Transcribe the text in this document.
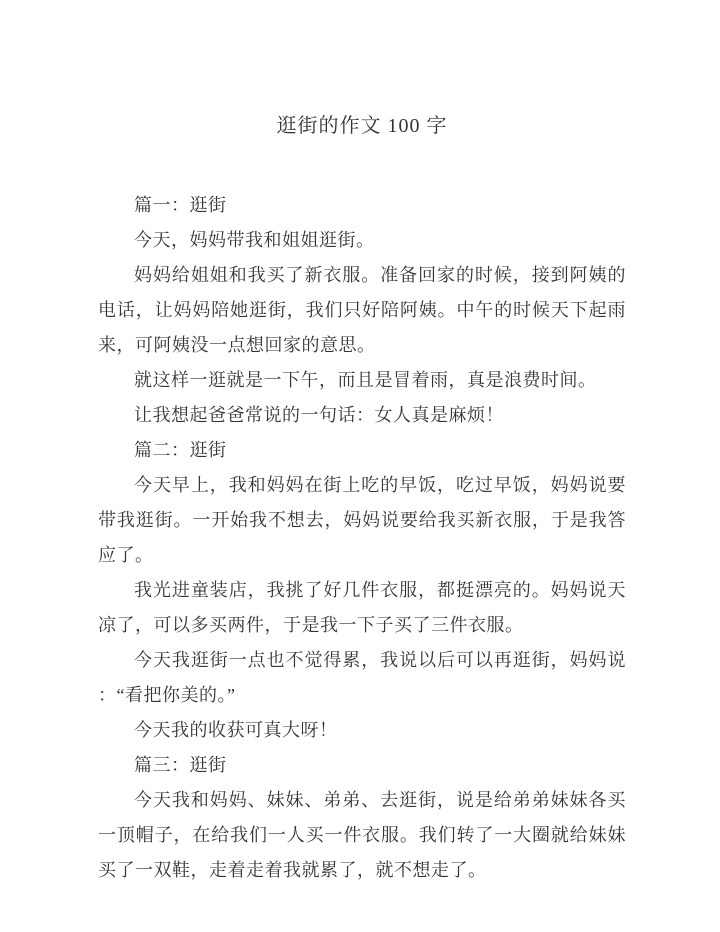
逛街的作文 100 字

篇一：逛街

今天，妈妈带我和姐姐逛街。

妈妈给姐姐和我买了新衣服。准备回家的时候，接到阿姨的电话，让妈妈陪她逛街，我们只好陪阿姨。中午的时候天下起雨来，可阿姨没一点想回家的意思。

就这样一逛就是一下午，而且是冒着雨，真是浪费时间。

让我想起爸爸常说的一句话：女人真是麻烦！

篇二：逛街

今天早上，我和妈妈在街上吃的早饭，吃过早饭，妈妈说要带我逛街。一开始我不想去，妈妈说要给我买新衣服，于是我答应了。

我光进童装店，我挑了好几件衣服，都挺漂亮的。妈妈说天凉了，可以多买两件，于是我一下子买了三件衣服。

今天我逛街一点也不觉得累，我说以后可以再逛街，妈妈说：“看把你美的。”

今天我的收获可真大呀！

篇三：逛街

今天我和妈妈、妹妹、弟弟、去逛街，说是给弟弟妹妹各买一顶帽子，在给我们一人买一件衣服。我们转了一大圈就给妹妹买了一双鞋，走着走着我就累了，就不想走了。
